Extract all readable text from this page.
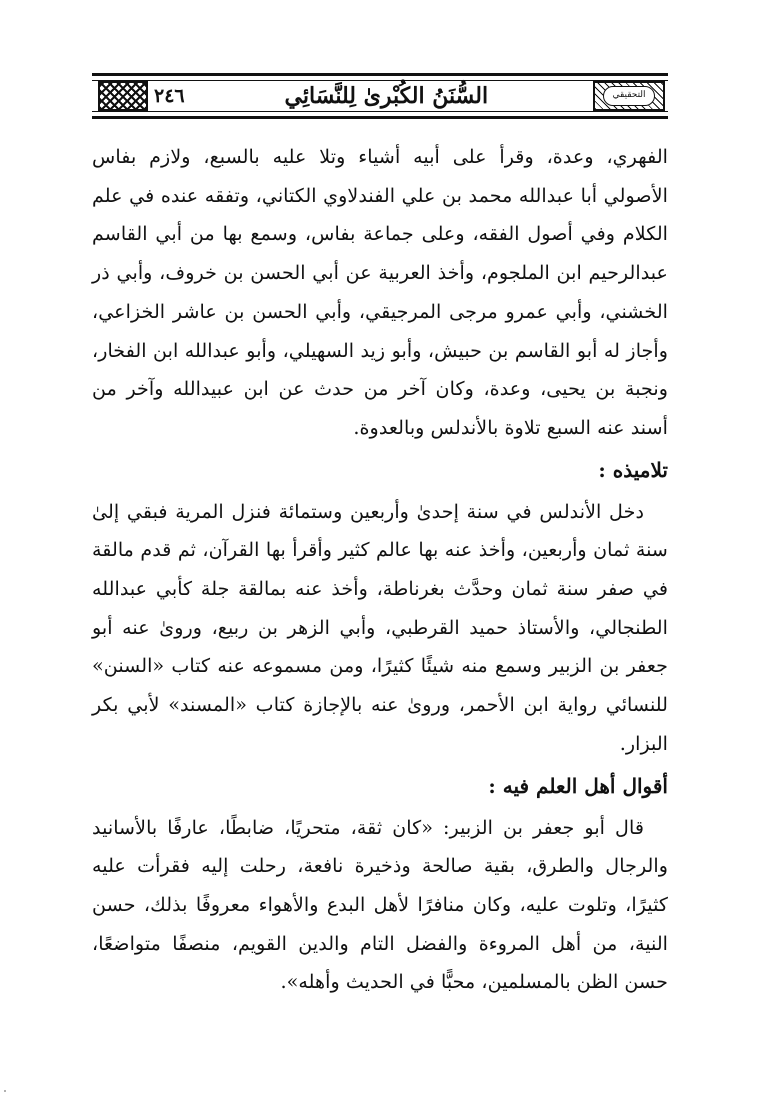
٢٤٦	السُّنَنُ الكُبْرىٰ لِلنَّسَائِي	التحقيقي

الفهري، وعدة، وقرأ على أبيه أشياء وتلا عليه بالسبع، ولازم بفاس الأصولي أبا عبدالله محمد بن علي الفندلاوي الكتاني، وتفقه عنده في علم الكلام وفي أصول الفقه، وعلى جماعة بفاس، وسمع بها من أبي القاسم عبدالرحيم ابن الملجوم، وأخذ العربية عن أبي الحسن بن خروف، وأبي ذر الخشني، وأبي عمرو مرجى المرجيقي، وأبي الحسن بن عاشر الخزاعي، وأجاز له أبو القاسم بن حبيش، وأبو زيد السهيلي، وأبو عبدالله ابن الفخار، ونجبة بن يحيى، وعدة، وكان آخر من حدث عن ابن عبيدالله وآخر من أسند عنه السبع تلاوة بالأندلس وبالعدوة.

تلاميذه :

دخل الأندلس في سنة إحدىٰ وأربعين وستمائة فنزل المرية فبقي إلىٰ سنة ثمان وأربعين، وأخذ عنه بها عالم كثير وأقرأ بها القرآن، ثم قدم مالقة في صفر سنة ثمان وحدَّث بغرناطة، وأخذ عنه بمالقة جلة كأبي عبدالله الطنجالي، والأستاذ حميد القرطبي، وأبي الزهر بن ربيع، وروىٰ عنه أبو جعفر بن الزبير وسمع منه شيئًا كثيرًا، ومن مسموعه عنه كتاب «السنن» للنسائي رواية ابن الأحمر، وروىٰ عنه بالإجازة كتاب «المسند» لأبي بكر البزار.

أقوال أهل العلم فيه :

قال أبو جعفر بن الزبير: «كان ثقة، متحريًا، ضابطًا، عارفًا بالأسانيد والرجال والطرق، بقية صالحة وذخيرة نافعة، رحلت إليه فقرأت عليه كثيرًا، وتلوت عليه، وكان منافرًا لأهل البدع والأهواء معروفًا بذلك، حسن النية، من أهل المروءة والفضل التام والدين القويم، منصفًا متواضعًا، حسن الظن بالمسلمين، محبًّا في الحديث وأهله».
